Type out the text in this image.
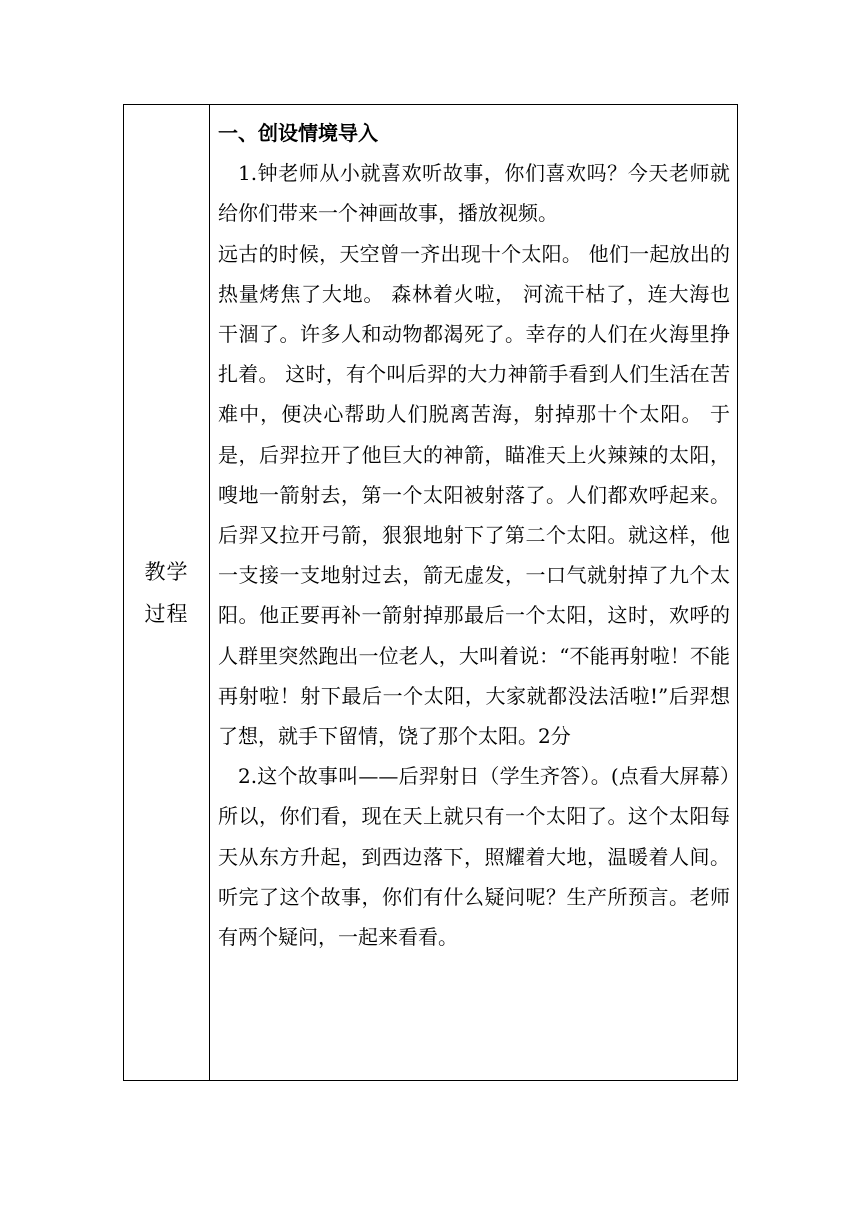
教学过程

一、创设情境导入

1.钟老师从小就喜欢听故事，你们喜欢吗？今天老师就给你们带来一个神画故事，播放视频。

远古的时候，天空曾一齐出现十个太阳。 他们一起放出的热量烤焦了大地。 森林着火啦， 河流干枯了，连大海也干涸了。许多人和动物都渴死了。幸存的人们在火海里挣扎着。 这时，有个叫后羿的大力神箭手看到人们生活在苦难中，便决心帮助人们脱离苦海，射掉那十个太阳。 于是，后羿拉开了他巨大的神箭，瞄准天上火辣辣的太阳，嗖地一箭射去，第一个太阳被射落了。人们都欢呼起来。后羿又拉开弓箭，狠狠地射下了第二个太阳。就这样，他一支接一支地射过去，箭无虚发，一口气就射掉了九个太阳。他正要再补一箭射掉那最后一个太阳，这时，欢呼的人群里突然跑出一位老人，大叫着说：“不能再射啦！不能再射啦！射下最后一个太阳，大家就都没法活啦!”后羿想了想，就手下留情，饶了那个太阳。2分

2.这个故事叫——后羿射日（学生齐答）。(点看大屏幕）所以，你们看，现在天上就只有一个太阳了。这个太阳每天从东方升起，到西边落下，照耀着大地，温暖着人间。听完了这个故事，你们有什么疑问呢？生产所预言。老师有两个疑问，一起来看看。
